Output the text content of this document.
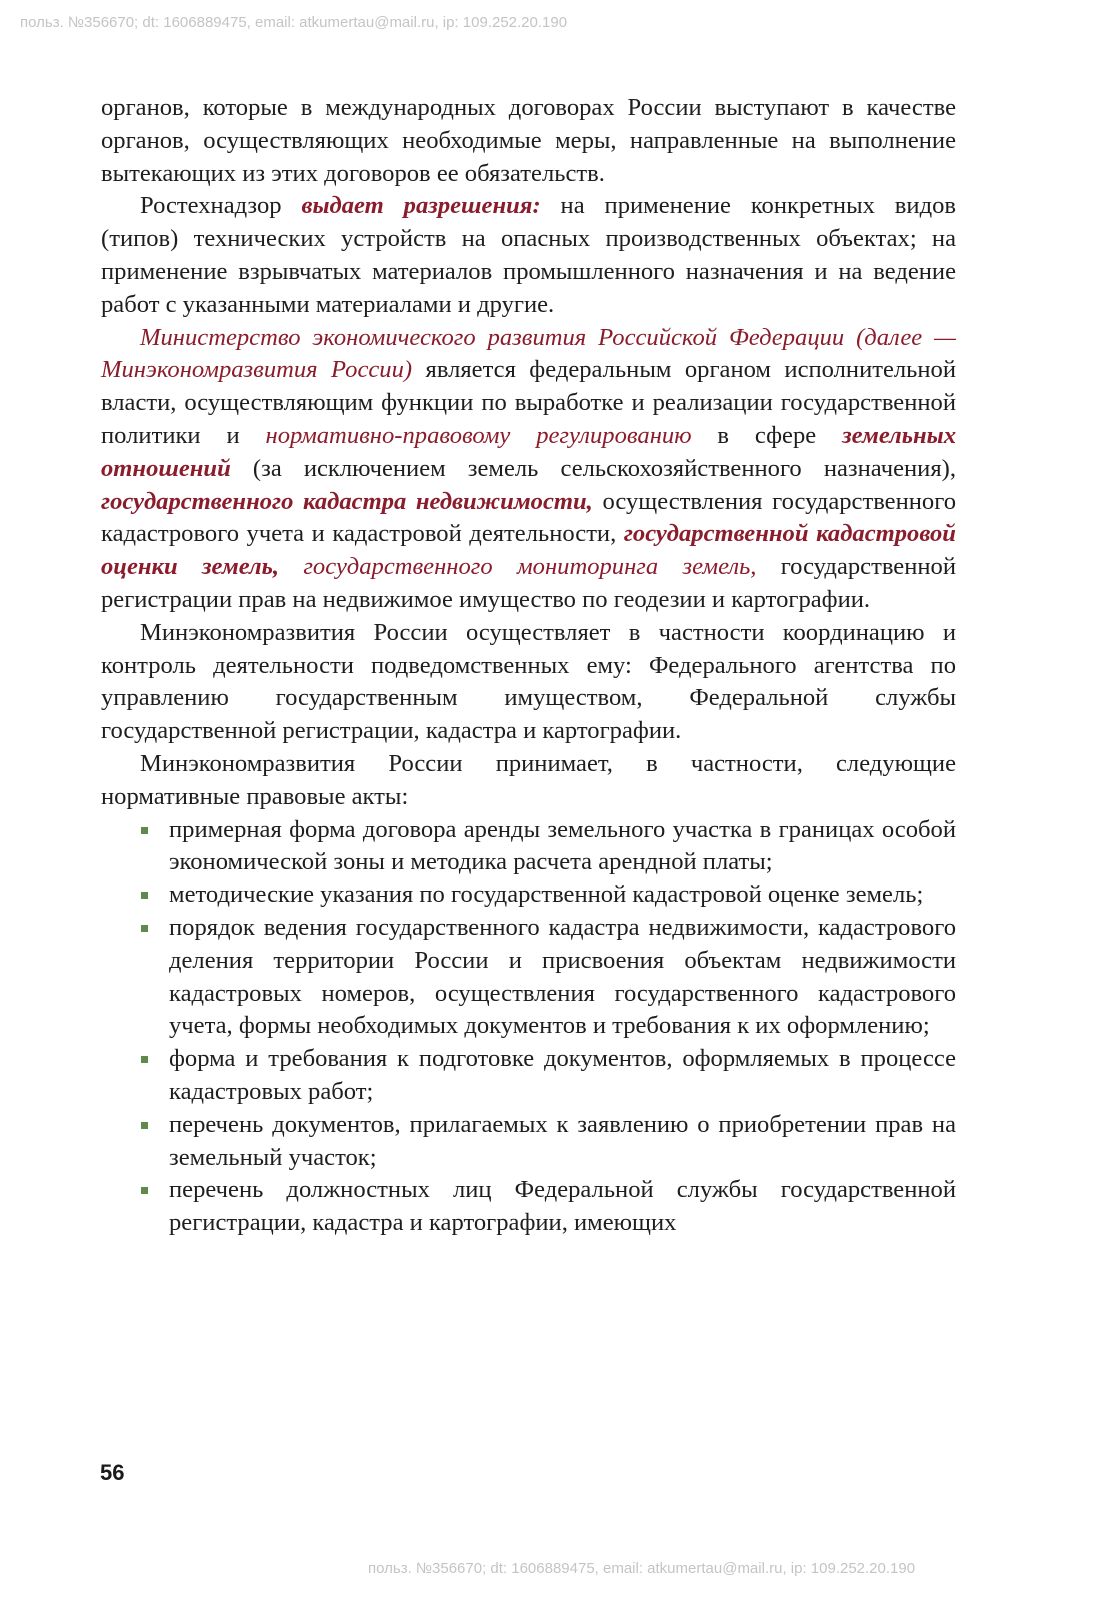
польз. №356670; dt: 1606889475, email: atkumertau@mail.ru, ip: 109.252.20.190

органов, которые в международных договорах России выступают в качестве органов, осуществляющих необходимые меры, направленные на выполнение вытекающих из этих договоров ее обязательств.

Ростехнадзор выдает разрешения: на применение конкретных видов (типов) технических устройств на опасных производственных объектах; на применение взрывчатых материалов промышленного назначения и на ведение работ с указанными материалами и другие.

Министерство экономического развития Российской Федерации (далее — Минэкономразвития России) является федеральным органом исполнительной власти, осуществляющим функции по выработке и реализации государственной политики и нормативно-правовому регулированию в сфере земельных отношений (за исключением земель сельскохозяйственного назначения), государственного кадастра недвижимости, осуществления государственного кадастрового учета и кадастровой деятельности, государственной кадастровой оценки земель, государственного мониторинга земель, государственной регистрации прав на недвижимое имущество по геодезии и картографии.

Минэкономразвития России осуществляет в частности координацию и контроль деятельности подведомственных ему: Федерального агентства по управлению государственным имуществом, Федеральной службы государственной регистрации, кадастра и картографии.

Минэкономразвития России принимает, в частности, следующие нормативные правовые акты:

примерная форма договора аренды земельного участка в границах особой экономической зоны и методика расчета арендной платы;
методические указания по государственной кадастровой оценке земель;
порядок ведения государственного кадастра недвижимости, кадастрового деления территории России и присвоения объектам недвижимости кадастровых номеров, осуществления государственного кадастрового учета, формы необходимых документов и требования к их оформлению;
форма и требования к подготовке документов, оформляемых в процессе кадастровых работ;
перечень документов, прилагаемых к заявлению о приобретении прав на земельный участок;
перечень должностных лиц Федеральной службы государственной регистрации, кадастра и картографии, имеющих
56
польз. №356670; dt: 1606889475, email: atkumertau@mail.ru, ip: 109.252.20.190
